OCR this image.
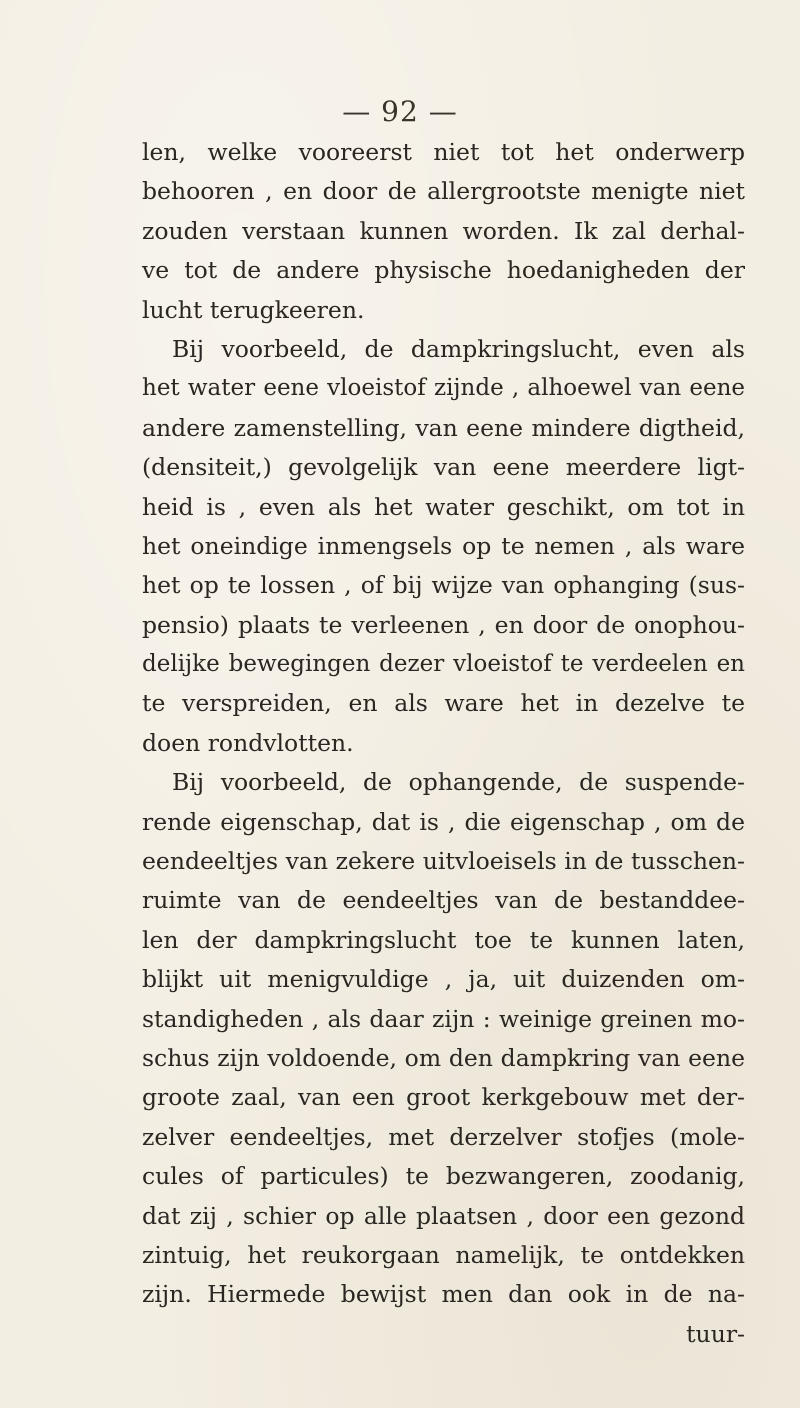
— 92 —
len, welke vooreerst niet tot het onderwerp
behooren , en door de allergrootste menigte niet
zouden verstaan kunnen worden. Ik zal derhal-
ve tot de andere physische hoedanigheden der
lucht terugkeeren.
Bij voorbeeld, de dampkringslucht, even als
het water eene vloeistof zijnde , alhoewel van eene
andere zamenstelling, van eene mindere digtheid,
(densiteit,) gevolgelijk van eene meerdere ligt-
heid is , even als het water geschikt, om tot in
het oneindige inmengsels op te nemen , als ware
het op te lossen , of bij wijze van ophanging (sus-
pensio) plaats te verleenen , en door de onophou-
delijke bewegingen dezer vloeistof te verdeelen en
te verspreiden, en als ware het in dezelve te
doen rondvlotten.
Bij voorbeeld, de ophangende, de suspende-
rende eigenschap, dat is , die eigenschap , om de
eendeeltjes van zekere uitvloeisels in de tusschen-
ruimte van de eendeeltjes van de bestanddee-
len der dampkringslucht toe te kunnen laten,
blijkt uit menigvuldige , ja, uit duizenden om-
standigheden , als daar zijn : weinige greinen mo-
schus zijn voldoende, om den dampkring van eene
groote zaal, van een groot kerkgebouw met der-
zelver eendeeltjes, met derzelver stofjes (mole-
cules of particules) te bezwangeren, zoodanig,
dat zij , schier op alle plaatsen , door een gezond
zintuig, het reukorgaan namelijk, te ontdekken
zijn. Hiermede bewijst men dan ook in de na-
tuur-
